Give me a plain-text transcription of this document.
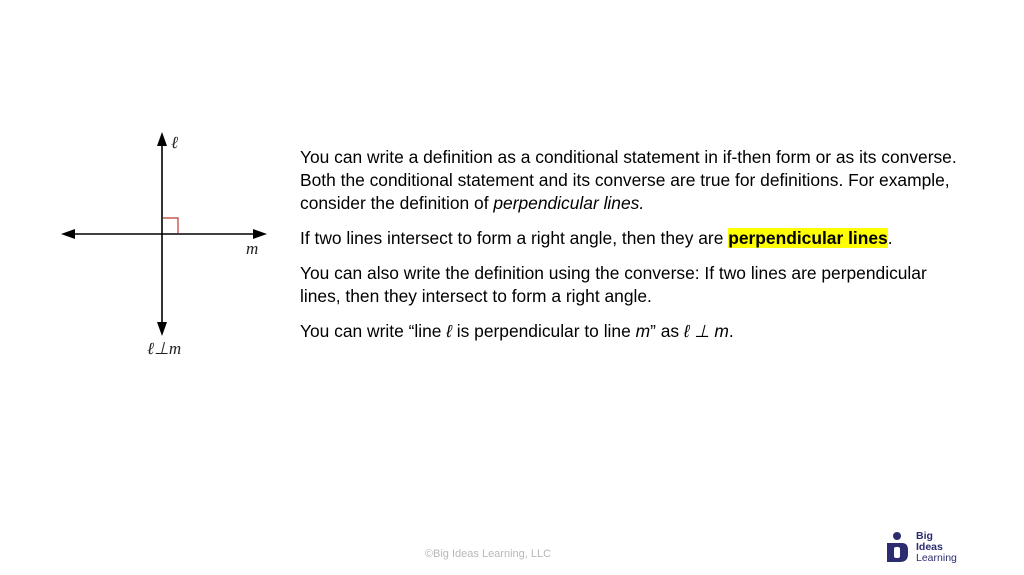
ℓ
m
ℓ⊥m

You can write a definition as a conditional statement in if-then form or as its converse. Both the conditional statement and its converse are true for definitions. For example, consider the definition of perpendicular lines.

If two lines intersect to form a right angle, then they are perpendicular lines.

You can also write the definition using the converse: If two lines are perpendicular lines, then they intersect to form a right angle.

You can write “line ℓ is perpendicular to line m” as ℓ ⊥ m.

©Big Ideas Learning, LLC
Big
Ideas
Learning
